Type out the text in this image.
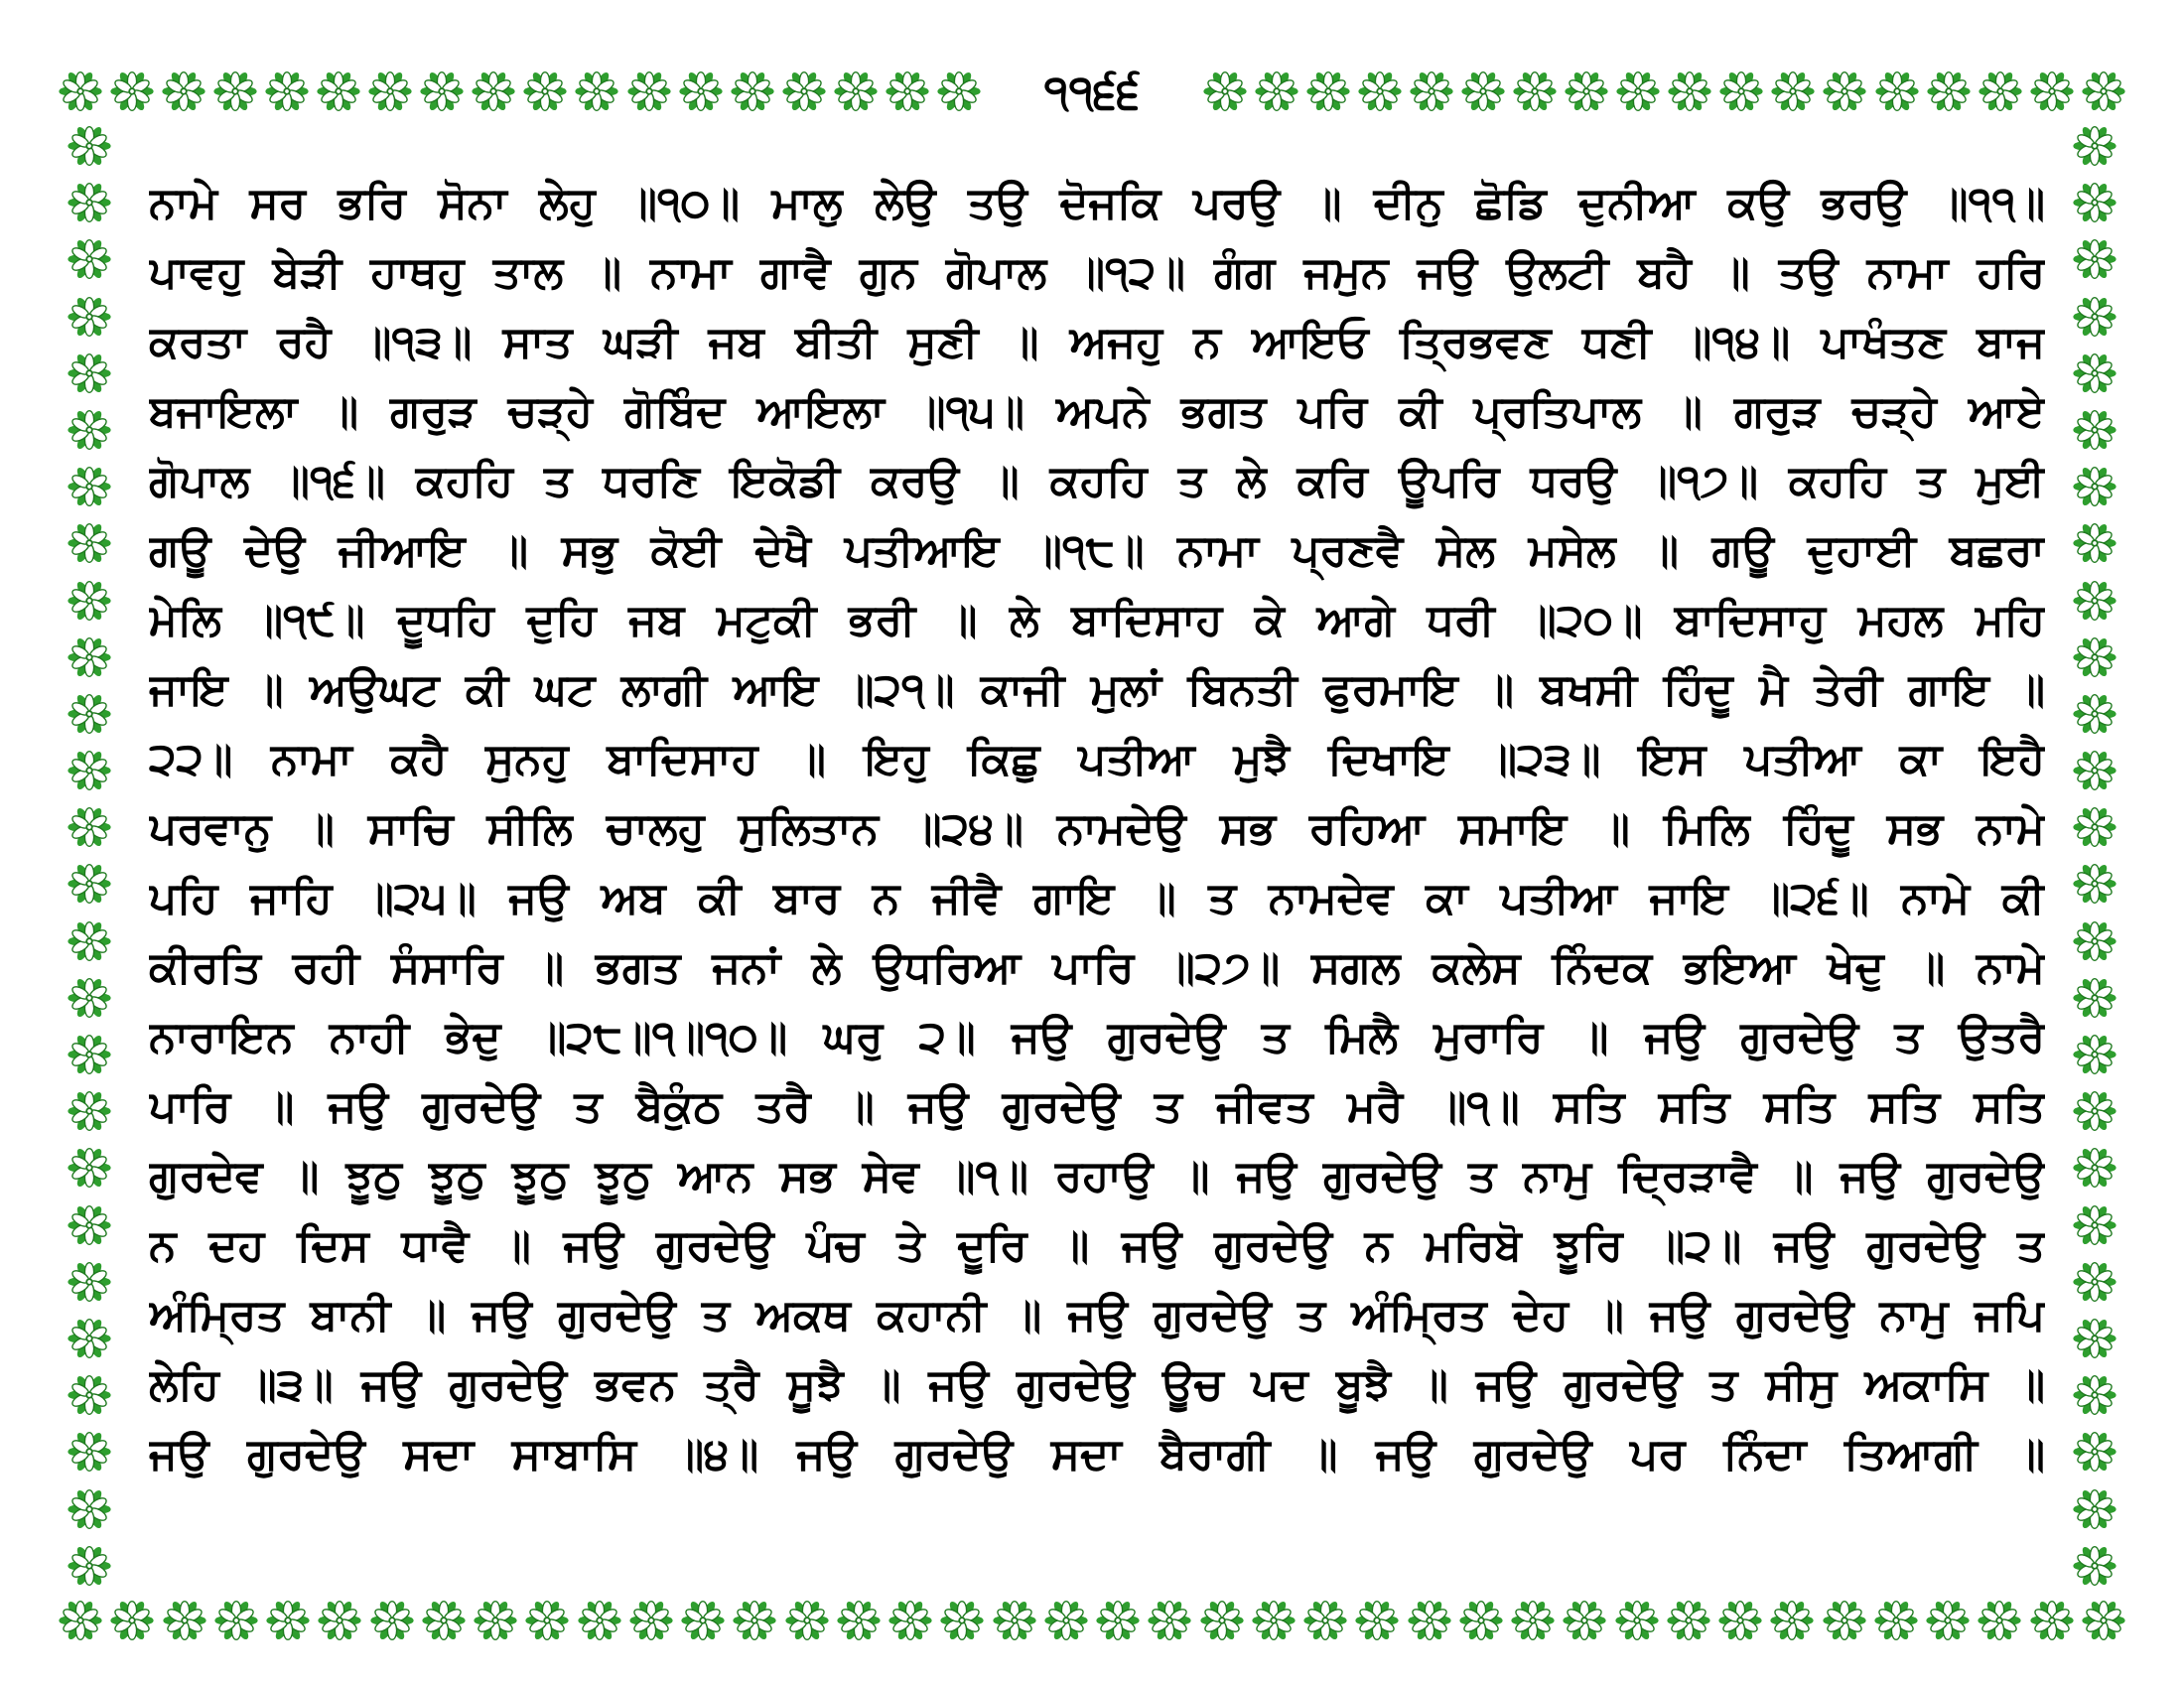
੧੧੬੬
ਨਾਮੇ ਸਰ ਭਰਿ ਸੋਨਾ ਲੇਹੁ ॥੧੦॥ ਮਾਲੁ ਲੇਉ ਤਉ ਦੋਜਕਿ ਪਰਉ ॥ ਦੀਨੁ ਛੋਡਿ ਦੁਨੀਆ ਕਉ ਭਰਉ ॥੧੧॥
ਪਾਵਹੁ ਬੇੜੀ ਹਾਥਹੁ ਤਾਲ ॥ ਨਾਮਾ ਗਾਵੈ ਗੁਨ ਗੋਪਾਲ ॥੧੨॥ ਗੰਗ ਜਮੁਨ ਜਉ ਉਲਟੀ ਬਹੈ ॥ ਤਉ ਨਾਮਾ ਹਰਿ
ਕਰਤਾ ਰਹੈ ॥੧੩॥ ਸਾਤ ਘੜੀ ਜਬ ਬੀਤੀ ਸੁਣੀ ॥ ਅਜਹੁ ਨ ਆਇਓ ਤ੍ਰਿਭਵਣ ਧਣੀ ॥੧੪॥ ਪਾਖੰਤਣ ਬਾਜ
ਬਜਾਇਲਾ ॥ ਗਰੁੜ ਚੜ੍ਹੇ ਗੋਬਿੰਦ ਆਇਲਾ ॥੧੫॥ ਅਪਨੇ ਭਗਤ ਪਰਿ ਕੀ ਪ੍ਰਤਿਪਾਲ ॥ ਗਰੁੜ ਚੜ੍ਹੇ ਆਏ
ਗੋਪਾਲ ॥੧੬॥ ਕਹਹਿ ਤ ਧਰਣਿ ਇਕੋਡੀ ਕਰਉ ॥ ਕਹਹਿ ਤ ਲੇ ਕਰਿ ਊਪਰਿ ਧਰਉ ॥੧੭॥ ਕਹਹਿ ਤ ਮੁਈ
ਗਊ ਦੇਉ ਜੀਆਇ ॥ ਸਭੁ ਕੋਈ ਦੇਖੈ ਪਤੀਆਇ ॥੧੮॥ ਨਾਮਾ ਪ੍ਰਣਵੈ ਸੇਲ ਮਸੇਲ ॥ ਗਊ ਦੁਹਾਈ ਬਛਰਾ
ਮੇਲਿ ॥੧੯॥ ਦੂਧਹਿ ਦੁਹਿ ਜਬ ਮਟੁਕੀ ਭਰੀ ॥ ਲੇ ਬਾਦਿਸਾਹ ਕੇ ਆਗੇ ਧਰੀ ॥੨੦॥ ਬਾਦਿਸਾਹੁ ਮਹਲ ਮਹਿ
ਜਾਇ ॥ ਅਉਘਟ ਕੀ ਘਟ ਲਾਗੀ ਆਇ ॥੨੧॥ ਕਾਜੀ ਮੁਲਾਂ ਬਿਨਤੀ ਫੁਰਮਾਇ ॥ ਬਖਸੀ ਹਿੰਦੂ ਮੈ ਤੇਰੀ ਗਾਇ ॥
੨੨॥ ਨਾਮਾ ਕਹੈ ਸੁਨਹੁ ਬਾਦਿਸਾਹ ॥ ਇਹੁ ਕਿਛੁ ਪਤੀਆ ਮੁਝੈ ਦਿਖਾਇ ॥੨੩॥ ਇਸ ਪਤੀਆ ਕਾ ਇਹੈ
ਪਰਵਾਨੁ ॥ ਸਾਚਿ ਸੀਲਿ ਚਾਲਹੁ ਸੁਲਿਤਾਨ ॥੨੪॥ ਨਾਮਦੇਉ ਸਭ ਰਹਿਆ ਸਮਾਇ ॥ ਮਿਲਿ ਹਿੰਦੂ ਸਭ ਨਾਮੇ
ਪਹਿ ਜਾਹਿ ॥੨੫॥ ਜਉ ਅਬ ਕੀ ਬਾਰ ਨ ਜੀਵੈ ਗਾਇ ॥ ਤ ਨਾਮਦੇਵ ਕਾ ਪਤੀਆ ਜਾਇ ॥੨੬॥ ਨਾਮੇ ਕੀ
ਕੀਰਤਿ ਰਹੀ ਸੰਸਾਰਿ ॥ ਭਗਤ ਜਨਾਂ ਲੇ ਉਧਰਿਆ ਪਾਰਿ ॥੨੭॥ ਸਗਲ ਕਲੇਸ ਨਿੰਦਕ ਭਇਆ ਖੇਦੁ ॥ ਨਾਮੇ
ਨਾਰਾਇਨ ਨਾਹੀ ਭੇਦੁ ॥੨੮॥੧॥੧੦॥ ਘਰੁ ੨॥ ਜਉ ਗੁਰਦੇਉ ਤ ਮਿਲੈ ਮੁਰਾਰਿ ॥ ਜਉ ਗੁਰਦੇਉ ਤ ਉਤਰੈ
ਪਾਰਿ ॥ ਜਉ ਗੁਰਦੇਉ ਤ ਬੈਕੁੰਠ ਤਰੈ ॥ ਜਉ ਗੁਰਦੇਉ ਤ ਜੀਵਤ ਮਰੈ ॥੧॥ ਸਤਿ ਸਤਿ ਸਤਿ ਸਤਿ ਸਤਿ
ਗੁਰਦੇਵ ॥ ਝੂਠੁ ਝੂਠੁ ਝੂਠੁ ਝੂਠੁ ਆਨ ਸਭ ਸੇਵ ॥੧॥ ਰਹਾਉ ॥ ਜਉ ਗੁਰਦੇਉ ਤ ਨਾਮੁ ਦ੍ਰਿੜਾਵੈ ॥ ਜਉ ਗੁਰਦੇਉ
ਨ ਦਹ ਦਿਸ ਧਾਵੈ ॥ ਜਉ ਗੁਰਦੇਉ ਪੰਚ ਤੇ ਦੂਰਿ ॥ ਜਉ ਗੁਰਦੇਉ ਨ ਮਰਿਬੋ ਝੂਰਿ ॥੨॥ ਜਉ ਗੁਰਦੇਉ ਤ
ਅੰਮ੍ਰਿਤ ਬਾਨੀ ॥ ਜਉ ਗੁਰਦੇਉ ਤ ਅਕਥ ਕਹਾਨੀ ॥ ਜਉ ਗੁਰਦੇਉ ਤ ਅੰਮ੍ਰਿਤ ਦੇਹ ॥ ਜਉ ਗੁਰਦੇਉ ਨਾਮੁ ਜਪਿ
ਲੇਹਿ ॥੩॥ ਜਉ ਗੁਰਦੇਉ ਭਵਨ ਤ੍ਰੈ ਸੂਝੈ ॥ ਜਉ ਗੁਰਦੇਉ ਊਚ ਪਦ ਬੂਝੈ ॥ ਜਉ ਗੁਰਦੇਉ ਤ ਸੀਸੁ ਅਕਾਸਿ ॥
ਜਉ ਗੁਰਦੇਉ ਸਦਾ ਸਾਬਾਸਿ ॥੪॥ ਜਉ ਗੁਰਦੇਉ ਸਦਾ ਬੈਰਾਗੀ ॥ ਜਉ ਗੁਰਦੇਉ ਪਰ ਨਿੰਦਾ ਤਿਆਗੀ ॥
